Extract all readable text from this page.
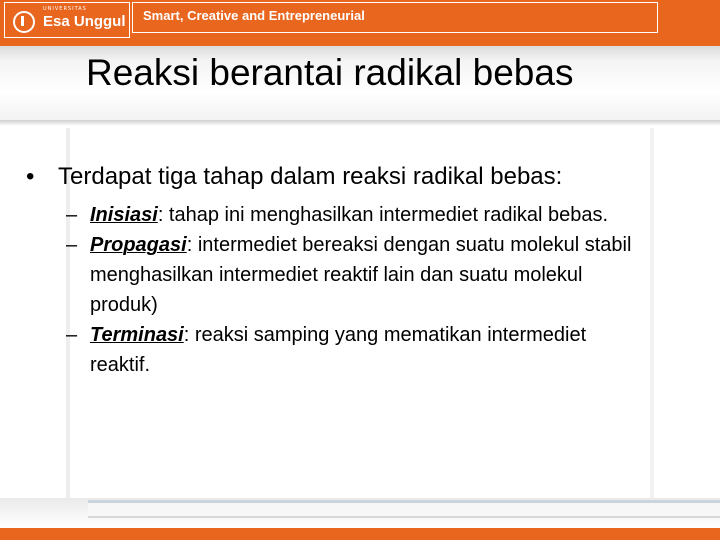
UNIVERSITAS
Esa Unggul Smart, Creative and Entrepreneurial
Reaksi berantai radikal bebas
• Terdapat tiga tahap dalam reaksi radikal bebas:
– Inisiasi: tahap ini menghasilkan intermediet radikal bebas.
– Propagasi: intermediet bereaksi dengan suatu molekul stabil menghasilkan intermediet reaktif lain dan suatu molekul produk)
– Terminasi: reaksi samping yang mematikan intermediet reaktif.
